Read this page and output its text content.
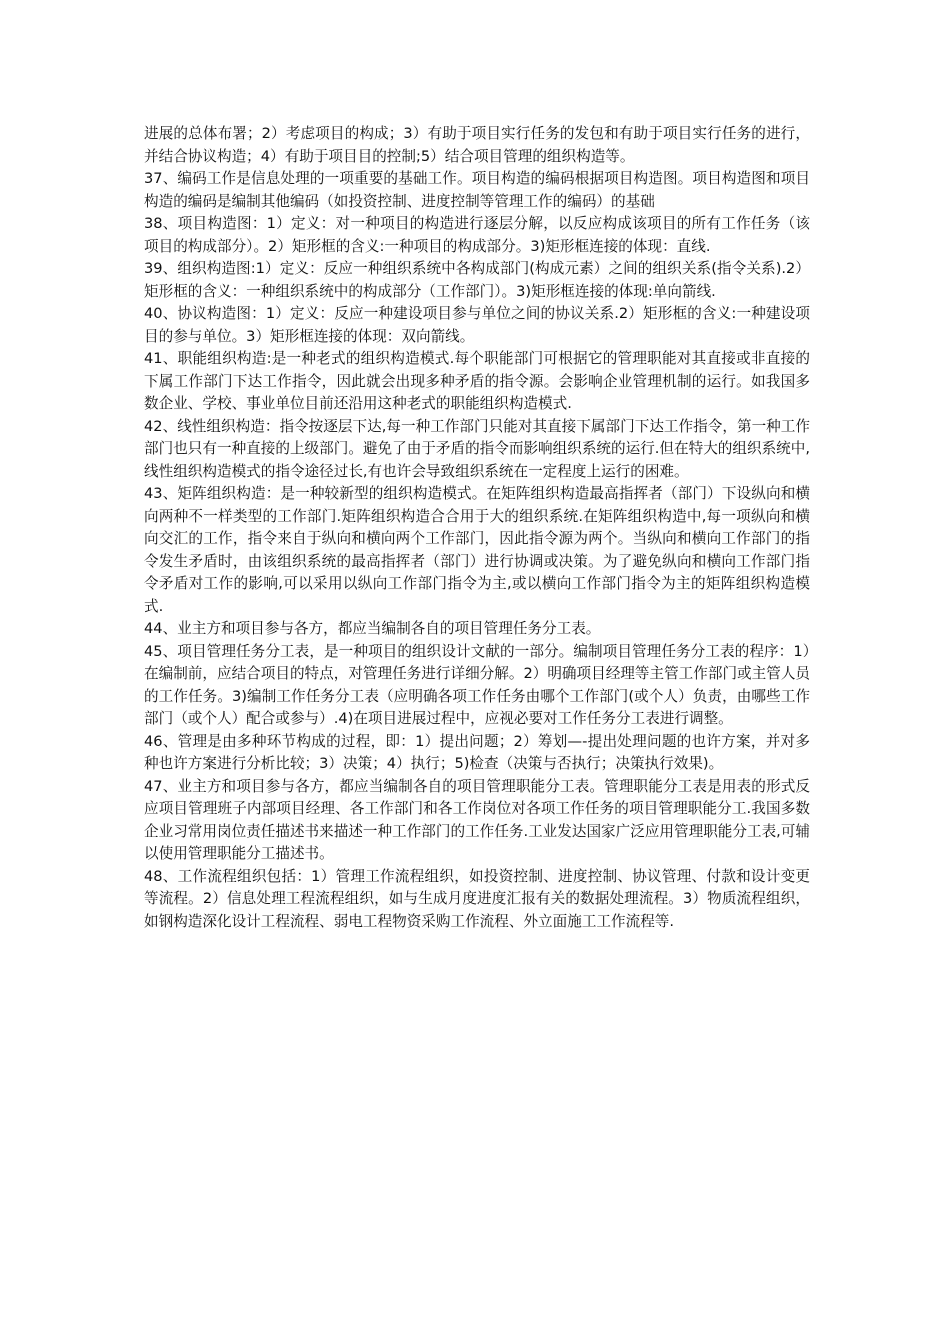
进展的总体布署；2）考虑项目的构成；3）有助于项目实行任务的发包和有助于项目实行任务的进行，并结合协议构造；4）有助于项目目的控制;5）结合项目管理的组织构造等。

37、编码工作是信息处理的一项重要的基础工作。项目构造的编码根据项目构造图。项目构造图和项目构造的编码是编制其他编码（如投资控制、进度控制等管理工作的编码）的基础

38、项目构造图：1）定义：对一种项目的构造进行逐层分解，以反应构成该项目的所有工作任务（该项目的构成部分）。2）矩形框的含义:一种项目的构成部分。3)矩形框连接的体现：直线.

39、组织构造图:1）定义：反应一种组织系统中各构成部门(构成元素）之间的组织关系(指令关系).2）矩形框的含义：一种组织系统中的构成部分（工作部门）。3)矩形框连接的体现:单向箭线.

40、协议构造图：1）定义：反应一种建设项目参与单位之间的协议关系.2）矩形框的含义:一种建设项目的参与单位。3）矩形框连接的体现：双向箭线。

41、职能组织构造:是一种老式的组织构造模式.每个职能部门可根据它的管理职能对其直接或非直接的下属工作部门下达工作指令，因此就会出现多种矛盾的指令源。会影响企业管理机制的运行。如我国多数企业、学校、事业单位目前还沿用这种老式的职能组织构造模式.

42、线性组织构造：指令按逐层下达,每一种工作部门只能对其直接下属部门下达工作指令，第一种工作部门也只有一种直接的上级部门。避免了由于矛盾的指令而影响组织系统的运行.但在特大的组织系统中,线性组织构造模式的指令途径过长,有也许会导致组织系统在一定程度上运行的困难。

43、矩阵组织构造：是一种较新型的组织构造模式。在矩阵组织构造最高指挥者（部门）下设纵向和横向两种不一样类型的工作部门.矩阵组织构造合合用于大的组织系统.在矩阵组织构造中,每一项纵向和横向交汇的工作，指令来自于纵向和横向两个工作部门，因此指令源为两个。当纵向和横向工作部门的指令发生矛盾时，由该组织系统的最高指挥者（部门）进行协调或决策。为了避免纵向和横向工作部门指令矛盾对工作的影响,可以采用以纵向工作部门指令为主,或以横向工作部门指令为主的矩阵组织构造模式.

44、业主方和项目参与各方，都应当编制各自的项目管理任务分工表。

45、项目管理任务分工表，是一种项目的组织设计文献的一部分。编制项目管理任务分工表的程序：1）在编制前，应结合项目的特点，对管理任务进行详细分解。2）明确项目经理等主管工作部门或主管人员的工作任务。3)编制工作任务分工表（应明确各项工作任务由哪个工作部门(或个人）负责，由哪些工作部门（或个人）配合或参与）.4)在项目进展过程中，应视必要对工作任务分工表进行调整。

46、管理是由多种环节构成的过程，即：1）提出问题；2）筹划—-提出处理问题的也许方案，并对多种也许方案进行分析比较；3）决策；4）执行；5)检查（决策与否执行；决策执行效果)。

47、业主方和项目参与各方，都应当编制各自的项目管理职能分工表。管理职能分工表是用表的形式反应项目管理班子内部项目经理、各工作部门和各工作岗位对各项工作任务的项目管理职能分工.我国多数企业习常用岗位责任描述书来描述一种工作部门的工作任务.工业发达国家广泛应用管理职能分工表,可辅以使用管理职能分工描述书。

48、工作流程组织包括：1）管理工作流程组织，如投资控制、进度控制、协议管理、付款和设计变更等流程。2）信息处理工程流程组织，如与生成月度进度汇报有关的数据处理流程。3）物质流程组织，如钢构造深化设计工程流程、弱电工程物资采购工作流程、外立面施工工作流程等.
